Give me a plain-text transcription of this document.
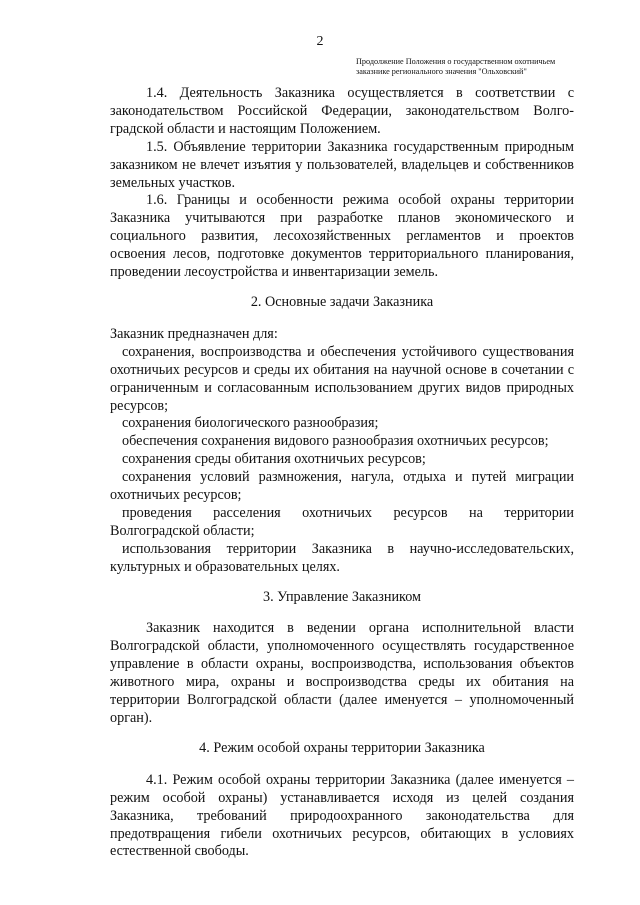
2
Продолжение Положения о государственном охотничьем
заказнике регионального значения "Ольховский"

1.4. Деятельность Заказника осуществляется в соответствии с законодательством Российской Федерации, законодательством Волгоградской области и настоящим Положением.

1.5. Объявление территории Заказника государственным природным заказником не влечет изъятия у пользователей, владельцев и собственников земельных участков.

1.6. Границы и особенности режима особой охраны территории Заказника учитываются при разработке планов экономического и социального развития, лесохозяйственных регламентов и проектов освоения лесов, подготовке документов территориального планирования, проведении лесоустройства и инвентаризации земель.

2. Основные задачи Заказника

Заказник предназначен для:

сохранения, воспроизводства и обеспечения устойчивого существования охотничьих ресурсов и среды их обитания на научной основе в сочетании с ограниченным и согласованным использованием других видов природных ресурсов;

сохранения биологического разнообразия;

обеспечения сохранения видового разнообразия охотничьих ресурсов;

сохранения среды обитания охотничьих ресурсов;

сохранения условий размножения, нагула, отдыха и путей миграции охотничьих ресурсов;

проведения расселения охотничьих ресурсов на территории Волгоградской области;

использования территории Заказника в научно-исследовательских, культурных и образовательных целях.

3. Управление Заказником

Заказник находится в ведении органа исполнительной власти Волгоградской области, уполномоченного осуществлять государственное управление в области охраны, воспроизводства, использования объектов животного мира, охраны и воспроизводства среды их обитания на территории Волгоградской области (далее именуется – уполномоченный орган).

4. Режим особой охраны территории Заказника

4.1. Режим особой охраны территории Заказника (далее именуется – режим особой охраны) устанавливается исходя из целей создания Заказника, требований природоохранного законодательства для предотвращения гибели охотничьих ресурсов, обитающих в условиях естественной свободы.
